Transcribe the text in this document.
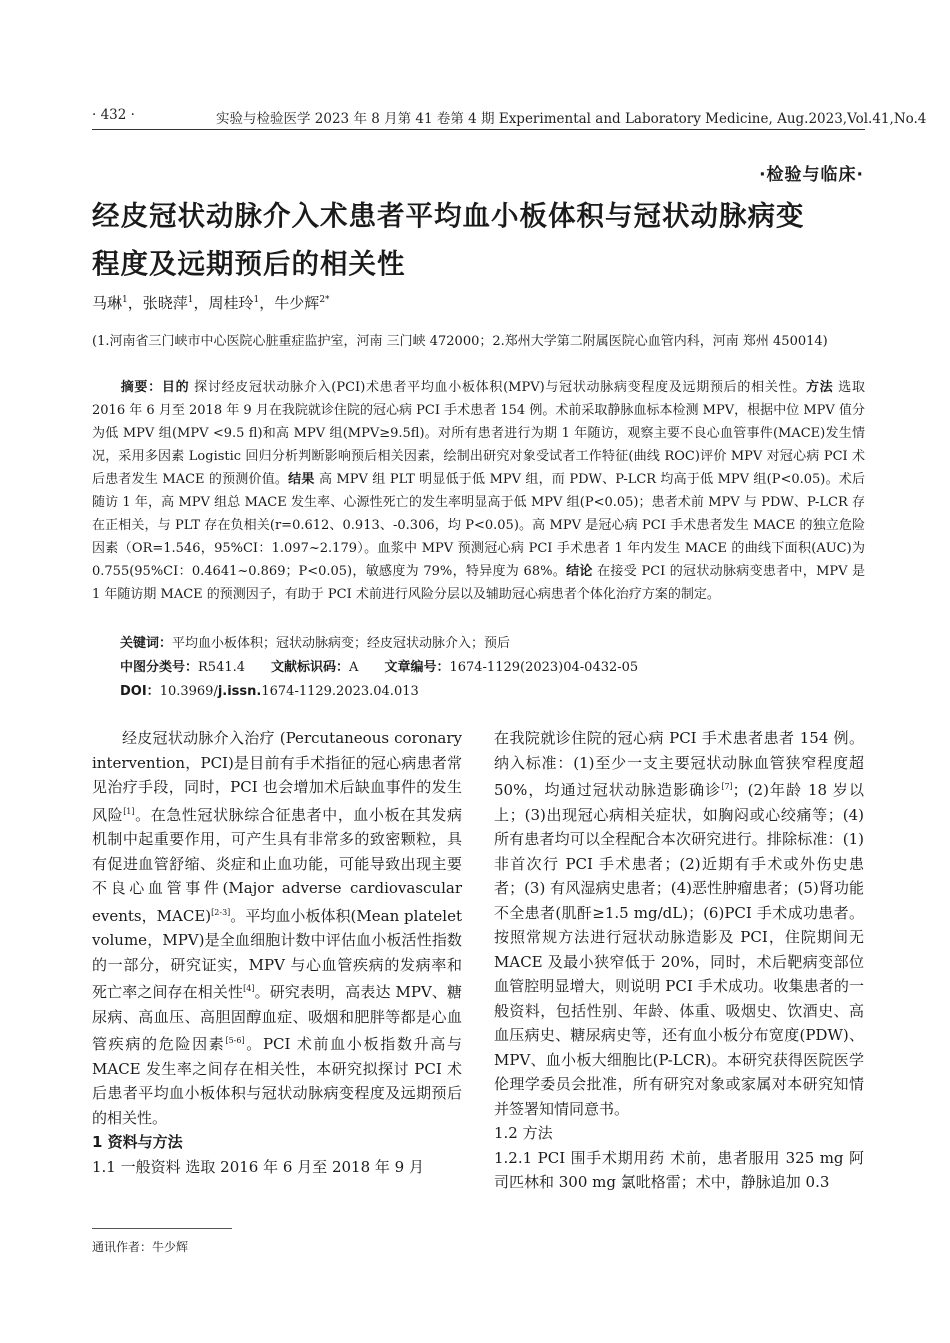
· 432 ·	实验与检验医学 2023 年 8 月第 41 卷第 4 期 Experimental and Laboratory Medicine, Aug.2023,Vol.41,No.4
·检验与临床·
经皮冠状动脉介入术患者平均血小板体积与冠状动脉病变程度及远期预后的相关性
马琳$^1$，张晓萍$^1$，周桂玲$^1$，牛少辉$^{2*}$
(1.河南省三门峡市中心医院心脏重症监护室，河南 三门峡 472000；2.郑州大学第二附属医院心血管内科，河南 郑州 450014)
摘要：目的 探讨经皮冠状动脉介入(PCI)术患者平均血小板体积(MPV)与冠状动脉病变程度及远期预后的相关性。方法 选取 2016 年 6 月至 2018 年 9 月在我院就诊住院的冠心病 PCI 手术患者 154 例。术前采取静脉血标本检测 MPV，根据中位 MPV 值分为低 MPV 组(MPV <9.5 fl)和高 MPV 组(MPV≥9.5fl)。对所有患者进行为期 1 年随访，观察主要不良心血管事件(MACE)发生情况，采用多因素 Logistic 回归分析判断影响预后相关因素，绘制出研究对象受试者工作特征(曲线 ROC)评价 MPV 对冠心病 PCI 术后患者发生 MACE 的预测价值。结果 高 MPV 组 PLT 明显低于低 MPV 组，而 PDW、P-LCR 均高于低 MPV 组(P<0.05)。术后随访 1 年，高 MPV 组总 MACE 发生率、心源性死亡的发生率明显高于低 MPV 组(P<0.05)；患者术前 MPV 与 PDW、P-LCR 存在正相关，与 PLT 存在负相关(r=0.612、0.913、-0.306，均 P<0.05)。高 MPV 是冠心病 PCI 手术患者发生 MACE 的独立危险因素（OR=1.546，95%CI：1.097~2.179）。血浆中 MPV 预测冠心病 PCI 手术患者 1 年内发生 MACE 的曲线下面积(AUC)为 0.755(95%CI：0.4641~0.869；P<0.05)，敏感度为 79%，特异度为 68%。结论 在接受 PCI 的冠状动脉病变患者中，MPV 是 1 年随访期 MACE 的预测因子，有助于 PCI 术前进行风险分层以及辅助冠心病患者个体化治疗方案的制定。
关键词：平均血小板体积；冠状动脉病变；经皮冠状动脉介入；预后
中图分类号：R541.4 文献标识码：A 文章编号：1674-1129(2023)04-0432-05
DOI：10.3969/j.issn.1674-1129.2023.04.013

经皮冠状动脉介入治疗 (Percutaneous coronary intervention，PCI)是目前有手术指征的冠心病患者常见治疗手段，同时，PCI 也会增加术后缺血事件的发生风险[1]。在急性冠状脉综合征患者中，血小板在其发病机制中起重要作用，可产生具有非常多的致密颗粒，具有促进血管舒缩、炎症和止血功能，可能导致出现主要不良心血管事件(Major adverse cardiovascular events，MACE)[2-3]。平均血小板体积(Mean platelet volume，MPV)是全血细胞计数中评估血小板活性指数的一部分，研究证实，MPV 与心血管疾病的发病率和死亡率之间存在相关性[4]。研究表明，高表达 MPV、糖尿病、高血压、高胆固醇血症、吸烟和肥胖等都是心血管疾病的危险因素[5-6]。PCI 术前血小板指数升高与 MACE 发生率之间存在相关性，本研究拟探讨 PCI 术后患者平均血小板体积与冠状动脉病变程度及远期预后的相关性。

1 资料与方法

1.1 一般资料 选取 2016 年 6 月至 2018 年 9 月

在我院就诊住院的冠心病 PCI 手术患者患者 154 例。纳入标准：(1)至少一支主要冠状动脉血管狭窄程度超 50%，均通过冠状动脉造影确诊[7]；(2)年龄 18 岁以上；(3)出现冠心病相关症状，如胸闷或心绞痛等；(4)所有患者均可以全程配合本次研究进行。排除标准：(1)非首次行 PCI 手术患者；(2)近期有手术或外伤史患者；(3) 有风湿病史患者；(4)恶性肿瘤患者；(5)肾功能不全患者(肌酐≥1.5 mg/dL)；(6)PCI 手术成功患者。按照常规方法进行冠状动脉造影及 PCI，住院期间无 MACE 及最小狭窄低于 20%，同时，术后靶病变部位血管腔明显增大，则说明 PCI 手术成功。收集患者的一般资料，包括性别、年龄、体重、吸烟史、饮酒史、高血压病史、糖尿病史等，还有血小板分布宽度(PDW)、MPV、血小板大细胞比(P-LCR)。本研究获得医院医学伦理学委员会批准，所有研究对象或家属对本研究知情并签署知情同意书。

1.2 方法

1.2.1 PCI 围手术期用药 术前，患者服用 325 mg 阿司匹林和 300 mg 氯吡格雷；术中，静脉追加 0.3

通讯作者：牛少辉
